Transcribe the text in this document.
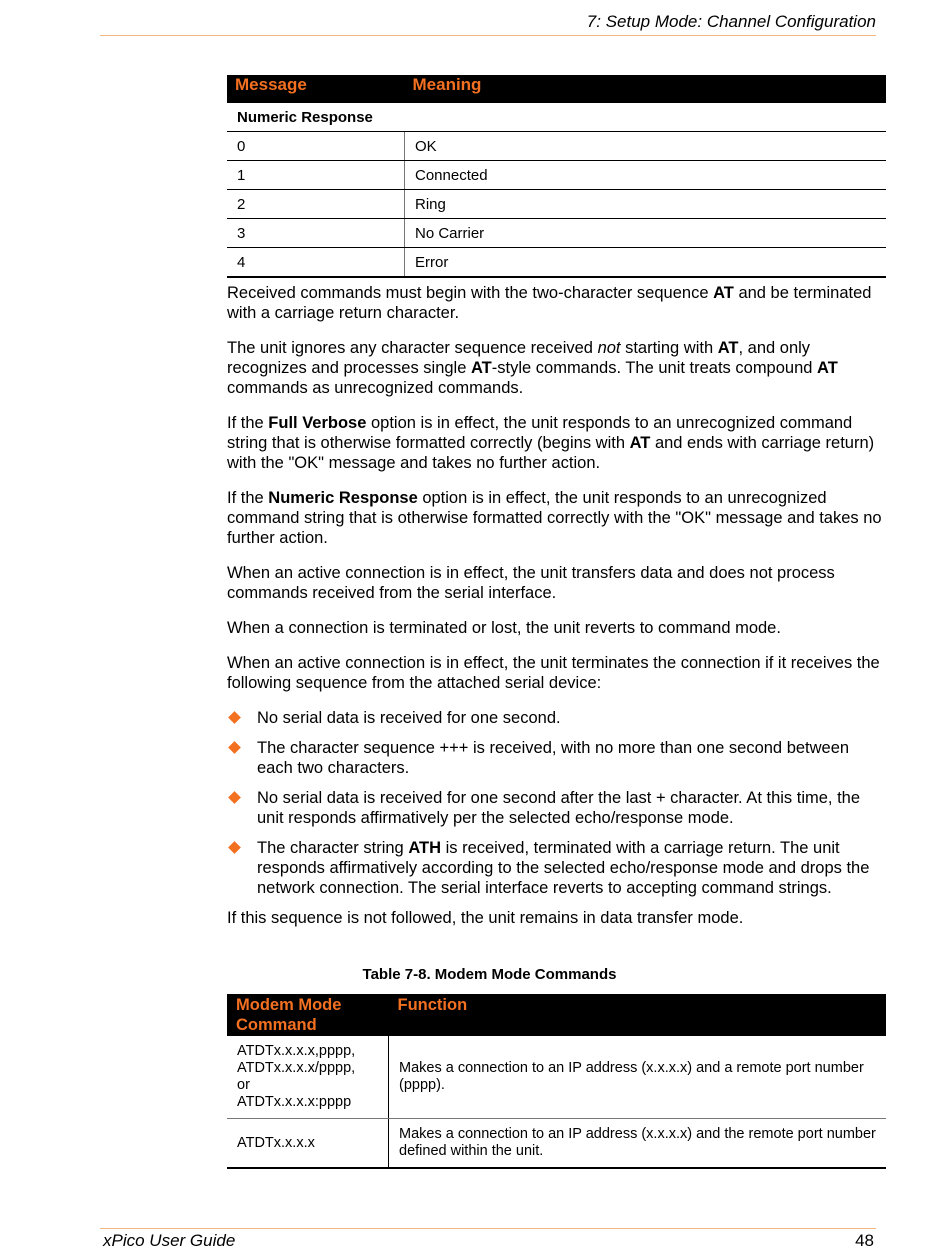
7: Setup Mode: Channel Configuration
Message	Meaning
Numeric Response	
0	OK
1	Connected
2	Ring
3	No Carrier
4	Error

Received commands must begin with the two-character sequence AT and be terminated with a carriage return character.

The unit ignores any character sequence received not starting with AT, and only recognizes and processes single AT-style commands. The unit treats compound AT commands as unrecognized commands.

If the Full Verbose option is in effect, the unit responds to an unrecognized command string that is otherwise formatted correctly (begins with AT and ends with carriage return) with the "OK" message and takes no further action.

If the Numeric Response option is in effect, the unit responds to an unrecognized command string that is otherwise formatted correctly with the "OK" message and takes no further action.

When an active connection is in effect, the unit transfers data and does not process commands received from the serial interface.

When a connection is terminated or lost, the unit reverts to command mode.

When an active connection is in effect, the unit terminates the connection if it receives the following sequence from the attached serial device:

No serial data is received for one second.
The character sequence +++ is received, with no more than one second between each two characters.
No serial data is received for one second after the last + character. At this time, the unit responds affirmatively per the selected echo/response mode.
The character string ATH is received, terminated with a carriage return. The unit responds affirmatively according to the selected echo/response mode and drops the network connection. The serial interface reverts to accepting command strings.

If this sequence is not followed, the unit remains in data transfer mode.

Table 7-8. Modem Mode Commands
Modem Mode Command	Function

ATDTx.x.x.x,pppp,
ATDTx.x.x.x/pppp,
or
ATDTx.x.x.x:pppp	Makes a connection to an IP address (x.x.x.x) and a remote port number (pppp).

ATDTx.x.x.x	Makes a connection to an IP address (x.x.x.x) and the remote port number defined within the unit.
xPico User Guide	48
